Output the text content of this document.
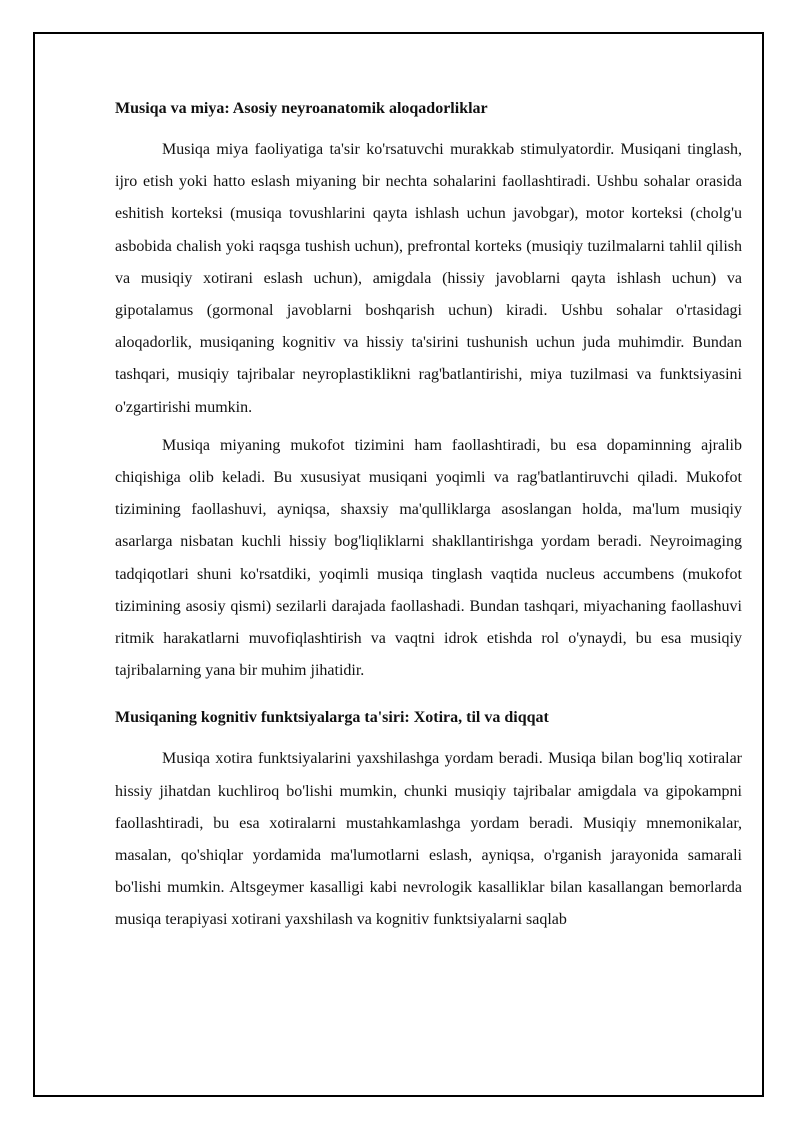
Musiqa va miya: Asosiy neyroanatomik aloqadorliklar

Musiqa miya faoliyatiga ta'sir ko'rsatuvchi murakkab stimulyatordir. Musiqani tinglash, ijro etish yoki hatto eslash miyaning bir nechta sohalarini faollashtiradi. Ushbu sohalar orasida eshitish korteksi (musiqa tovushlarini qayta ishlash uchun javobgar), motor korteksi (cholg'u asbobida chalish yoki raqsga tushish uchun), prefrontal korteks (musiqiy tuzilmalarni tahlil qilish va musiqiy xotirani eslash uchun), amigdala (hissiy javoblarni qayta ishlash uchun) va gipotalamus (gormonal javoblarni boshqarish uchun) kiradi. Ushbu sohalar o'rtasidagi aloqadorlik, musiqaning kognitiv va hissiy ta'sirini tushunish uchun juda muhimdir. Bundan tashqari, musiqiy tajribalar neyroplastiklikni rag'batlantirishi, miya tuzilmasi va funktsiyasini o'zgartirishi mumkin.

Musiqa miyaning mukofot tizimini ham faollashtiradi, bu esa dopaminning ajralib chiqishiga olib keladi. Bu xususiyat musiqani yoqimli va rag'batlantiruvchi qiladi. Mukofot tizimining faollashuvi, ayniqsa, shaxsiy ma'qulliklarga asoslangan holda, ma'lum musiqiy asarlarga nisbatan kuchli hissiy bog'liqliklarni shakllantirishga yordam beradi. Neyroimaging tadqiqotlari shuni ko'rsatdiki, yoqimli musiqa tinglash vaqtida nucleus accumbens (mukofot tizimining asosiy qismi) sezilarli darajada faollashadi. Bundan tashqari, miyachaning faollashuvi ritmik harakatlarni muvofiqlashtirish va vaqtni idrok etishda rol o'ynaydi, bu esa musiqiy tajribalarning yana bir muhim jihatidir.

Musiqaning kognitiv funktsiyalarga ta'siri: Xotira, til va diqqat

Musiqa xotira funktsiyalarini yaxshilashga yordam beradi. Musiqa bilan bog'liq xotiralar hissiy jihatdan kuchliroq bo'lishi mumkin, chunki musiqiy tajribalar amigdala va gipokampni faollashtiradi, bu esa xotiralarni mustahkamlashga yordam beradi. Musiqiy mnemonikalar, masalan, qo'shiqlar yordamida ma'lumotlarni eslash, ayniqsa, o'rganish jarayonida samarali bo'lishi mumkin. Altsgeymer kasalligi kabi nevrologik kasalliklar bilan kasallangan bemorlarda musiqa terapiyasi xotirani yaxshilash va kognitiv funktsiyalarni saqlab
